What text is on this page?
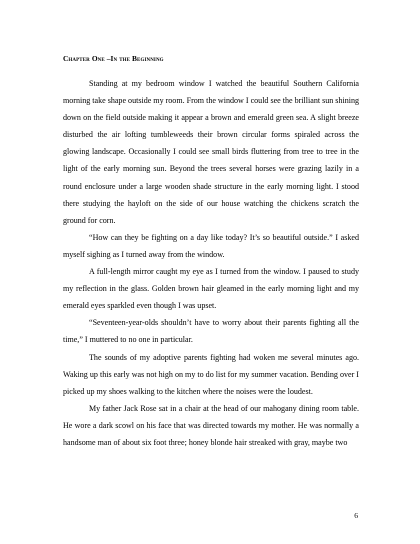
Chapter One –In the Beginning

Standing at my bedroom window I watched the beautiful Southern California morning take shape outside my room. From the window I could see the brilliant sun shining down on the field outside making it appear a brown and emerald green sea. A slight breeze disturbed the air lofting tumbleweeds their brown circular forms spiraled across the glowing landscape. Occasionally I could see small birds fluttering from tree to tree in the light of the early morning sun. Beyond the trees several horses were grazing lazily in a round enclosure under a large wooden shade structure in the early morning light. I stood there studying the hayloft on the side of our house watching the chickens scratch the ground for corn.

“How can they be fighting on a day like today? It’s so beautiful outside.” I asked myself sighing as I turned away from the window.

A full-length mirror caught my eye as I turned from the window. I paused to study my reflection in the glass. Golden brown hair gleamed in the early morning light and my emerald eyes sparkled even though I was upset.

“Seventeen-year-olds shouldn’t have to worry about their parents fighting all the time,” I muttered to no one in particular.

The sounds of my adoptive parents fighting had woken me several minutes ago. Waking up this early was not high on my to do list for my summer vacation. Bending over I picked up my shoes walking to the kitchen where the noises were the loudest.

My father Jack Rose sat in a chair at the head of our mahogany dining room table. He wore a dark scowl on his face that was directed towards my mother. He was normally a handsome man of about six foot three; honey blonde hair streaked with gray, maybe two

6
